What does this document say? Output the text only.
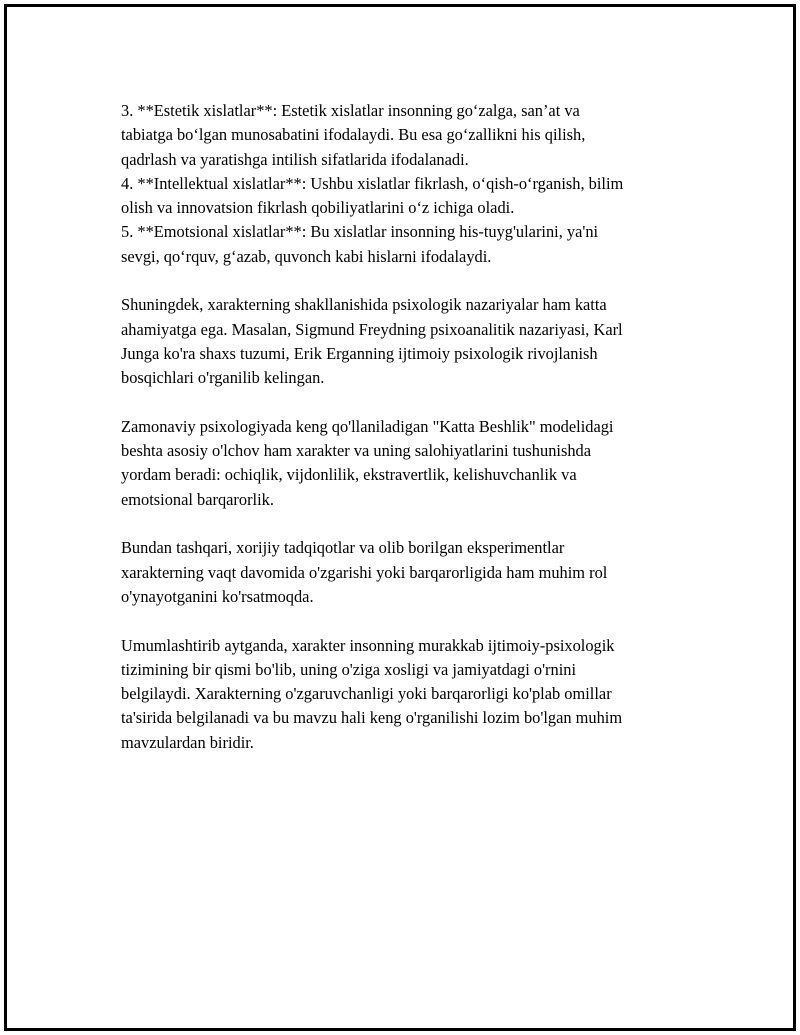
3. **Estetik xislatlar**: Estetik xislatlar insonning go‘zalga, san’at va

tabiatga bo‘lgan munosabatini ifodalaydi. Bu esa go‘zallikni his qilish,

qadrlash va yaratishga intilish sifatlarida ifodalanadi.

4. **Intellektual xislatlar**: Ushbu xislatlar fikrlash, o‘qish-o‘rganish, bilim

olish va innovatsion fikrlash qobiliyatlarini o‘z ichiga oladi.

5. **Emotsional xislatlar**: Bu xislatlar insonning his-tuyg'ularini, ya'ni

sevgi, qo‘rquv, g‘azab, quvonch kabi hislarni ifodalaydi.

Shuningdek, xarakterning shakllanishida psixologik nazariyalar ham katta

ahamiyatga ega. Masalan, Sigmund Freydning psixoanalitik nazariyasi, Karl

Junga ko'ra shaxs tuzumi, Erik Erganning ijtimoiy psixologik rivojlanish

bosqichlari o'rganilib kelingan.

Zamonaviy psixologiyada keng qo'llaniladigan "Katta Beshlik" modelidagi

beshta asosiy o'lchov ham xarakter va uning salohiyatlarini tushunishda

yordam beradi: ochiqlik, vijdonlilik, ekstravertlik, kelishuvchanlik va

emotsional barqarorlik.

Bundan tashqari, xorijiy tadqiqotlar va olib borilgan eksperimentlar

xarakterning vaqt davomida o'zgarishi yoki barqarorligida ham muhim rol

o'ynayotganini ko'rsatmoqda.

Umumlashtirib aytganda, xarakter insonning murakkab ijtimoiy-psixologik

tizimining bir qismi bo'lib, uning o'ziga xosligi va jamiyatdagi o'rnini

belgilaydi. Xarakterning o'zgaruvchanligi yoki barqarorligi ko'plab omillar

ta'sirida belgilanadi va bu mavzu hali keng o'rganilishi lozim bo'lgan muhim

mavzulardan biridir.
